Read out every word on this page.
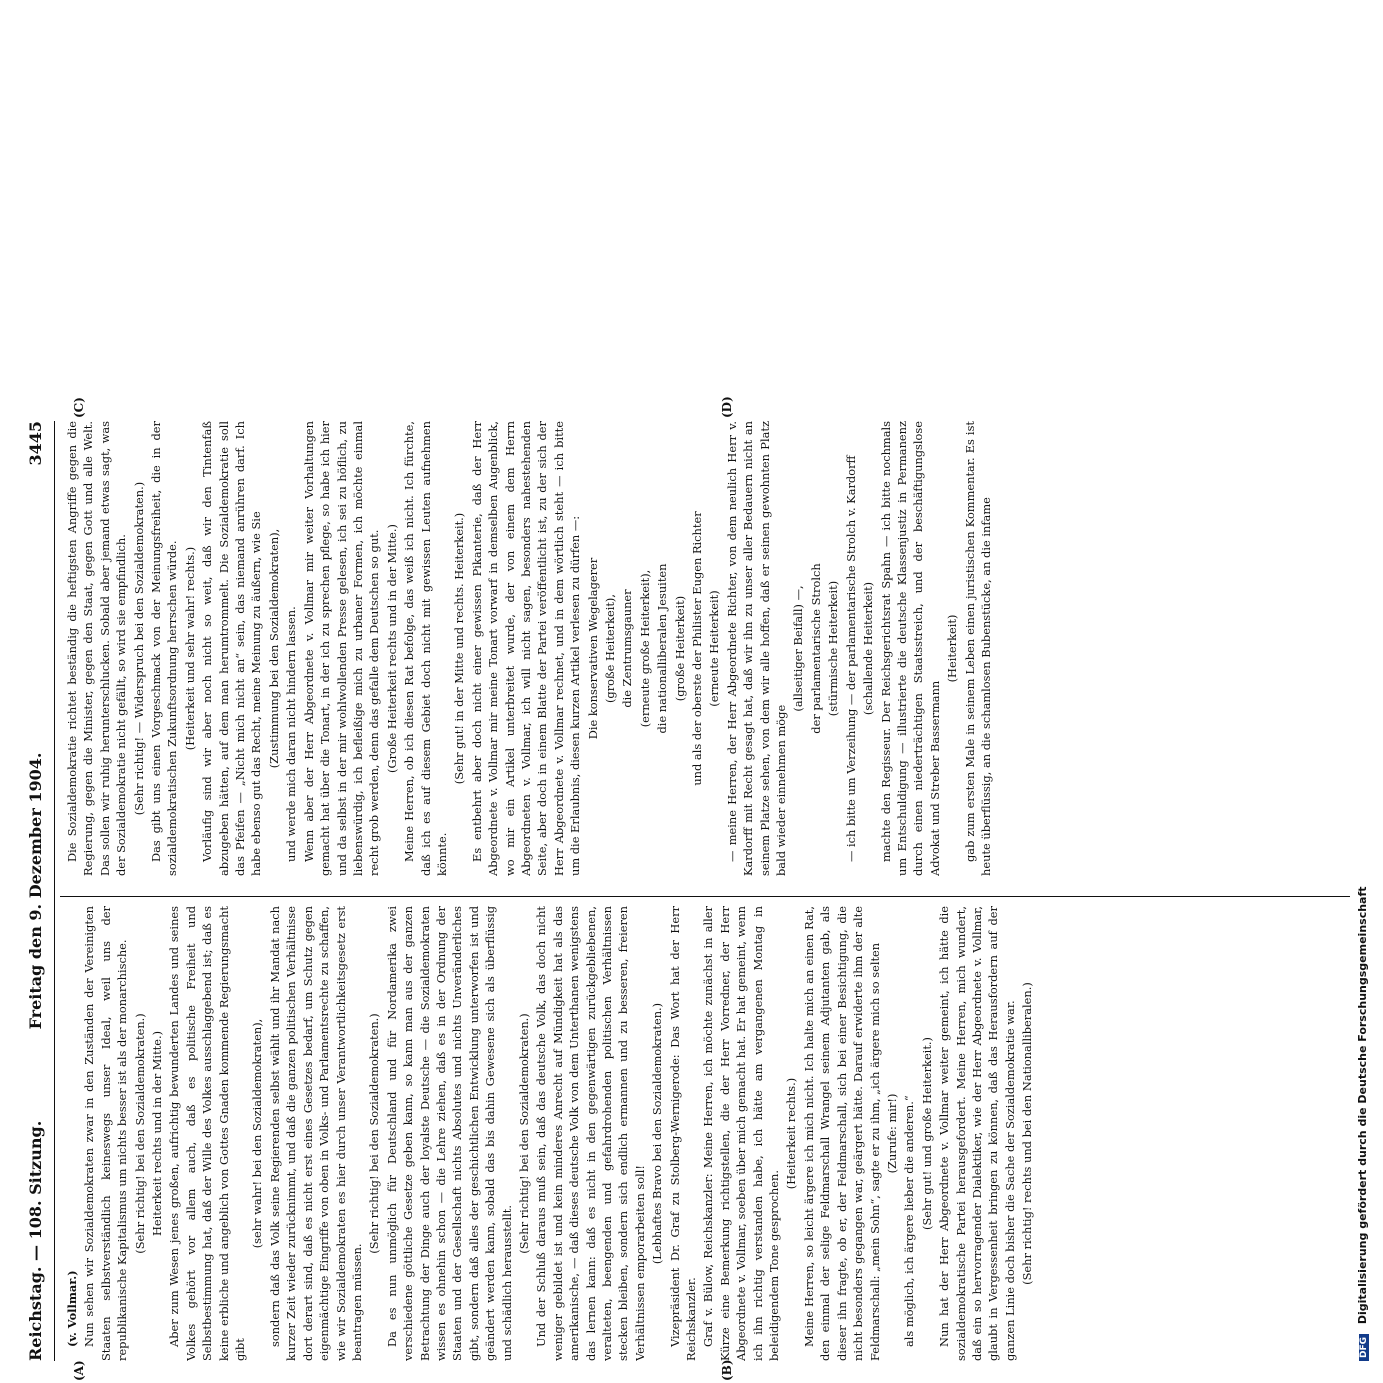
Reichstag. — 108. Sitzung.
Freitag den 9. Dezember 1904.
3445
(A)	(B)
(C)	(D)

(v. Vollmar.) Nun sehen wir Sozialdemokraten zwar in den Zuständen der Vereinigten Staaten selbstverständlich keineswegs unser Ideal, weil uns der republikanische Kapitalismus um nichts besser ist als der monarchische. (Sehr richtig! bei den Sozialdemokraten.) Heiterkeit rechts und in der Mitte.) Aber zum Wesen jenes großen, aufrichtig bewunderten Landes und seines Volkes gehört vor allem auch, daß es politische Freiheit und Selbstbestimmung hat, daß der Wille des Volkes ausschlaggebend ist; daß es keine erbliche und angeblich von Gottes Gnaden kommende Regierungsmacht gibt

(sehr wahr! bei den Sozialdemokraten), sondern daß das Volk seine Regierenden selbst wählt und ihr Mandat nach kurzer Zeit wieder zurücknimmt, und daß die ganzen politischen Verhältnisse dort derart sind, daß es nicht erst eines Gesetzes bedarf, um Schutz gegen eigenmächtige Eingriffe von oben in Volks- und Parlamentsrechte zu schaffen, wie wir Sozialdemokraten es hier durch unser Verantwortlichkeitsgesetz erst beantragen müssen.

(Sehr richtig! bei den Sozialdemokraten.) Da es nun unmöglich für Deutschland und für Nordamerika zwei verschiedene göttliche Gesetze geben kann, so kann man aus der ganzen Betrachtung der Dinge auch der loyalste Deutsche — die Sozialdemokraten wissen es ohnehin schon — die Lehre ziehen, daß es in der Ordnung der Staaten und der Gesellschaft nichts Absolutes und nichts Unveränderliches gibt, sondern daß alles der geschichtlichen Entwicklung unterworfen ist und geändert werden kann, sobald das bis dahin Gewesene sich als überflüssig und schädlich herausstellt.

(Sehr richtig! bei den Sozialdemokraten.) Und der Schluß daraus muß sein, daß das deutsche Volk, das doch nicht weniger gebildet ist und kein minderes Anrecht auf Mündigkeit hat als das amerikanische, — daß dieses deutsche Volk von dem Unterthanen wenigstens das lernen kann: daß es nicht in den gegenwärtigen zurückgebliebenen, veralteten, beengenden und gefahrdrohenden politischen Verhältnissen stecken bleiben, sondern sich endlich ermannen und zu besseren, freieren Verhältnissen emporarbeiten soll! (Lebhaftes Bravo bei den Sozialdemokraten.) Vizepräsident Dr. Graf zu Stolberg-Wernigerode: Das Wort hat der Herr Reichskanzler. Graf v. Bülow, Reichskanzler: Meine Herren, ich möchte zunächst in aller Kürze eine Bemerkung richtigstellen, die der Herr Vorredner, der Herr Abgeordnete v. Vollmar, soeben über mich gemacht hat. Er hat gemeint, wenn ich ihn richtig verstanden habe, ich hätte am vergangenen Montag in beleidigendem Tone gesprochen.

(Heiterkeit rechts.) Meine Herren, so leicht ärgere ich mich nicht. Ich halte mich an einen Rat, den einmal der selige Feldmarschall Wrangel seinem Adjutanten gab, als dieser ihn fragte, ob er, der Feldmarschall, sich bei einer Besichtigung, die nicht besonders gegangen war, geärgert hätte. Darauf erwiderte ihm der alte Feldmarschall: „mein Sohn“, sagte er zu ihm, „ich ärgere mich so selten (Zurufe: mir!) als möglich, ich ärgere lieber die anderen.“ (Sehr gut! und große Heiterkeit.) Nun hat der Herr Abgeordnete v. Vollmar weiter gemeint, ich hätte die sozialdemokratische Partei herausgefordert. Meine Herren, mich wundert, daß ein so hervorragender Dialektiker, wie der Herr Abgeordnete v. Vollmar, glaubt in Vergessenheit bringen zu können, daß das Herausfordern auf der ganzen Linie doch bisher die Sache der Sozialdemokratie war. (Sehr richtig! rechts und bei den Nationalliberalen.)

Die Sozialdemokratie richtet beständig die heftigsten Angriffe gegen die Regierung, gegen die Minister, gegen den Staat, gegen Gott und alle Welt. Das sollen wir ruhig herunterschlucken. Sobald aber jemand etwas sagt, was der Sozialdemokratie nicht gefällt, so wird sie empfindlich. (Sehr richtig! — Widerspruch bei den Sozialdemokraten.) Das gibt uns einen Vorgeschmack von der Meinungsfreiheit, die in der sozialdemokratischen Zukunftsordnung herrschen würde. (Heiterkeit und sehr wahr! rechts.) Vorläufig sind wir aber noch nicht so weit, daß wir den Tintenfaß abzugeben hätten, auf dem man herumtrommelt. Die Sozialdemokratie soll das Pfeifen — „Nicht mich nicht an“ sein, das niemand anrühren darf. Ich habe ebenso gut das Recht, meine Meinung zu äußern, wie Sie (Zustimmung bei den Sozialdemokraten), und werde mich daran nicht hindern lassen. Wenn aber der Herr Abgeordnete v. Vollmar mir weiter Vorhaltungen gemacht hat über die Tonart, in der ich zu sprechen pflege, so habe ich hier und da selbst in der mir wohlwollenden Presse gelesen, ich sei zu höflich, zu liebenswürdig, ich befleißige mich zu urbaner Formen, ich möchte einmal recht grob werden, denn das gefalle dem Deutschen so gut. (Große Heiterkeit rechts und in der Mitte.) Meine Herren, ob ich diesen Rat befolge, das weiß ich nicht. Ich fürchte, daß ich es auf diesem Gebiet doch nicht mit gewissen Leuten aufnehmen könnte.

(Sehr gut! in der Mitte und rechts. Heiterkeit.) Es entbehrt aber doch nicht einer gewissen Pikanterie, daß der Herr Abgeordnete v. Vollmar mir meine Tonart vorwarf in demselben Augenblick, wo mir ein Artikel unterbreitet wurde, der von einem dem Herrn Abgeordneten v. Vollmar, ich will nicht sagen, besonders nahestehenden Seite, aber doch in einem Blatte der Partei veröffentlicht ist, zu der sich der Herr Abgeordnete v. Vollmar rechnet, und in dem wörtlich steht — ich bitte um die Erlaubnis, diesen kurzen Artikel verlesen zu dürfen —: Die konservativen Wegelagerer (große Heiterkeit), die Zentrumsgauner (erneute große Heiterkeit), die nationalliberalen Jesuiten (große Heiterkeit) und als der oberste der Philister Eugen Richter (erneute Heiterkeit) — meine Herren, der Herr Abgeordnete Richter, von dem neulich Herr v. Kardorff mit Recht gesagt hat, daß wir ihn zu unser aller Bedauern nicht an seinem Platze sehen, von dem wir alle hoffen, daß er seinen gewohnten Platz bald wieder einnehmen möge

(allseitiger Beifall) —, der parlamentarische Strolch (stürmische Heiterkeit) — ich bitte um Verzeihung — der parlamentarische Strolch v. Kardorff (schallende Heiterkeit) machte den Regisseur. Der Reichsgerichtsrat Spahn — ich bitte nochmals um Entschuldigung — illustrierte die deutsche Klassenjustiz in Permanenz durch einen niederträchtigen Staatsstreich, und der beschäftigungslose Advokat und Streber Bassermann

(Heiterkeit) gab zum ersten Male in seinem Leben einen juristischen Kommentar. Es ist heute überflüssig, an die schamlosen Bubenstücke, an die infame

DFG Digitalisierung gefördert durch die Deutsche Forschungsgemeinschaft
